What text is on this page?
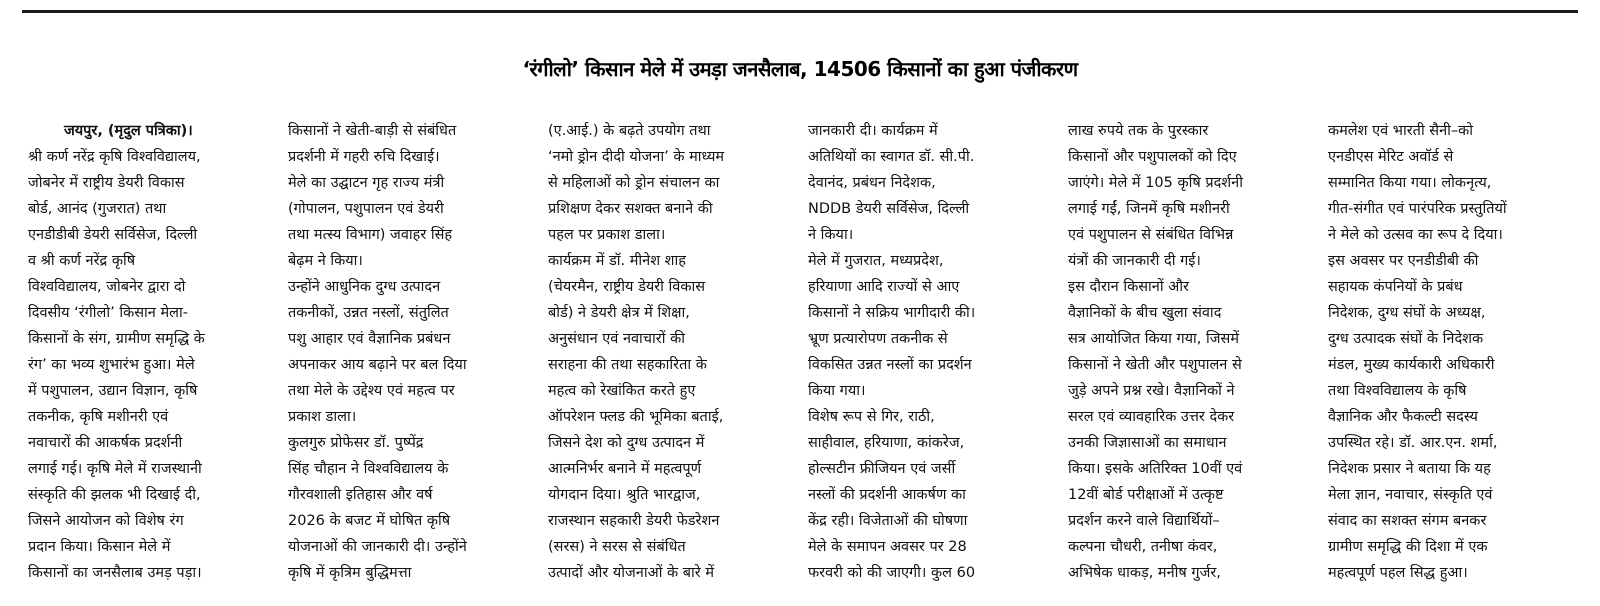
‘रंगीलो’ किसान मेले में उमड़ा जनसैलाब, 14506 किसानों का हुआ पंजीकरण
जयपुर, (मृदुल पत्रिका)।
श्री कर्ण नरेंद्र कृषि विश्वविद्यालय,
जोबनेर में राष्ट्रीय डेयरी विकास
बोर्ड, आनंद (गुजरात) तथा
एनडीडीबी डेयरी सर्विसेज, दिल्ली
व श्री कर्ण नरेंद्र कृषि
विश्वविद्यालय, जोबनेर द्वारा दो
दिवसीय ‘रंगीलो’ किसान मेला-
किसानों के संग, ग्रामीण समृद्धि के
रंग’ का भव्य शुभारंभ हुआ। मेले
में पशुपालन, उद्यान विज्ञान, कृषि
तकनीक, कृषि मशीनरी एवं
नवाचारों की आकर्षक प्रदर्शनी
लगाई गई। कृषि मेले में राजस्थानी
संस्कृति की झलक भी दिखाई दी,
जिसने आयोजन को विशेष रंग
प्रदान किया। किसान मेले में
किसानों का जनसैलाब उमड़ पड़ा।
किसानों ने खेती-बाड़ी से संबंधित
प्रदर्शनी में गहरी रुचि दिखाई।
मेले का उद्घाटन गृह राज्य मंत्री
(गोपालन, पशुपालन एवं डेयरी
तथा मत्स्य विभाग) जवाहर सिंह
बेढ़म ने किया।
उन्होंने आधुनिक दुग्ध उत्पादन
तकनीकों, उन्नत नस्लों, संतुलित
पशु आहार एवं वैज्ञानिक प्रबंधन
अपनाकर आय बढ़ाने पर बल दिया
तथा मेले के उद्देश्य एवं महत्व पर
प्रकाश डाला।
कुलगुरु प्रोफेसर डॉ. पुष्पेंद्र
सिंह चौहान ने विश्वविद्यालय के
गौरवशाली इतिहास और वर्ष
2026 के बजट में घोषित कृषि
योजनाओं की जानकारी दी। उन्होंने
कृषि में कृत्रिम बुद्धिमत्ता
(ए.आई.) के बढ़ते उपयोग तथा
‘नमो ड्रोन दीदी योजना’ के माध्यम
से महिलाओं को ड्रोन संचालन का
प्रशिक्षण देकर सशक्त बनाने की
पहल पर प्रकाश डाला।
कार्यक्रम में डॉ. मीनेश शाह
(चेयरमैन, राष्ट्रीय डेयरी विकास
बोर्ड) ने डेयरी क्षेत्र में शिक्षा,
अनुसंधान एवं नवाचारों की
सराहना की तथा सहकारिता के
महत्व को रेखांकित करते हुए
ऑपरेशन फ्लड की भूमिका बताई,
जिसने देश को दुग्ध उत्पादन में
आत्मनिर्भर बनाने में महत्वपूर्ण
योगदान दिया। श्रुति भारद्वाज,
राजस्थान सहकारी डेयरी फेडरेशन
(सरस) ने सरस से संबंधित
उत्पादों और योजनाओं के बारे में
जानकारी दी। कार्यक्रम में
अतिथियों का स्वागत डॉ. सी.पी.
देवानंद, प्रबंधन निदेशक,
NDDB डेयरी सर्विसेज, दिल्ली
ने किया।
मेले में गुजरात, मध्यप्रदेश,
हरियाणा आदि राज्यों से आए
किसानों ने सक्रिय भागीदारी की।
भ्रूण प्रत्यारोपण तकनीक से
विकसित उन्नत नस्लों का प्रदर्शन
किया गया।
विशेष रूप से गिर, राठी,
साहीवाल, हरियाणा, कांकरेज,
होल्सटीन फ्रीजियन एवं जर्सी
नस्लों की प्रदर्शनी आकर्षण का
केंद्र रही। विजेताओं की घोषणा
मेले के समापन अवसर पर 28
फरवरी को की जाएगी। कुल 60
लाख रुपये तक के पुरस्कार
किसानों और पशुपालकों को दिए
जाएंगे। मेले में 105 कृषि प्रदर्शनी
लगाई गईं, जिनमें कृषि मशीनरी
एवं पशुपालन से संबंधित विभिन्न
यंत्रों की जानकारी दी गई।
इस दौरान किसानों और
वैज्ञानिकों के बीच खुला संवाद
सत्र आयोजित किया गया, जिसमें
किसानों ने खेती और पशुपालन से
जुड़े अपने प्रश्न रखे। वैज्ञानिकों ने
सरल एवं व्यावहारिक उत्तर देकर
उनकी जिज्ञासाओं का समाधान
किया। इसके अतिरिक्त 10वीं एवं
12वीं बोर्ड परीक्षाओं में उत्कृष्ट
प्रदर्शन करने वाले विद्यार्थियों–
कल्पना चौधरी, तनीषा कंवर,
अभिषेक धाकड़, मनीष गुर्जर,
कमलेश एवं भारती सैनी–को
एनडीएस मेरिट अवॉर्ड से
सम्मानित किया गया। लोकनृत्य,
गीत-संगीत एवं पारंपरिक प्रस्तुतियों
ने मेले को उत्सव का रूप दे दिया।
इस अवसर पर एनडीडीबी की
सहायक कंपनियों के प्रबंध
निदेशक, दुग्ध संघों के अध्यक्ष,
दुग्ध उत्पादक संघों के निदेशक
मंडल, मुख्य कार्यकारी अधिकारी
तथा विश्वविद्यालय के कृषि
वैज्ञानिक और फैकल्टी सदस्य
उपस्थित रहे। डॉ. आर.एन. शर्मा,
निदेशक प्रसार ने बताया कि यह
मेला ज्ञान, नवाचार, संस्कृति एवं
संवाद का सशक्त संगम बनकर
ग्रामीण समृद्धि की दिशा में एक
महत्वपूर्ण पहल सिद्ध हुआ।
